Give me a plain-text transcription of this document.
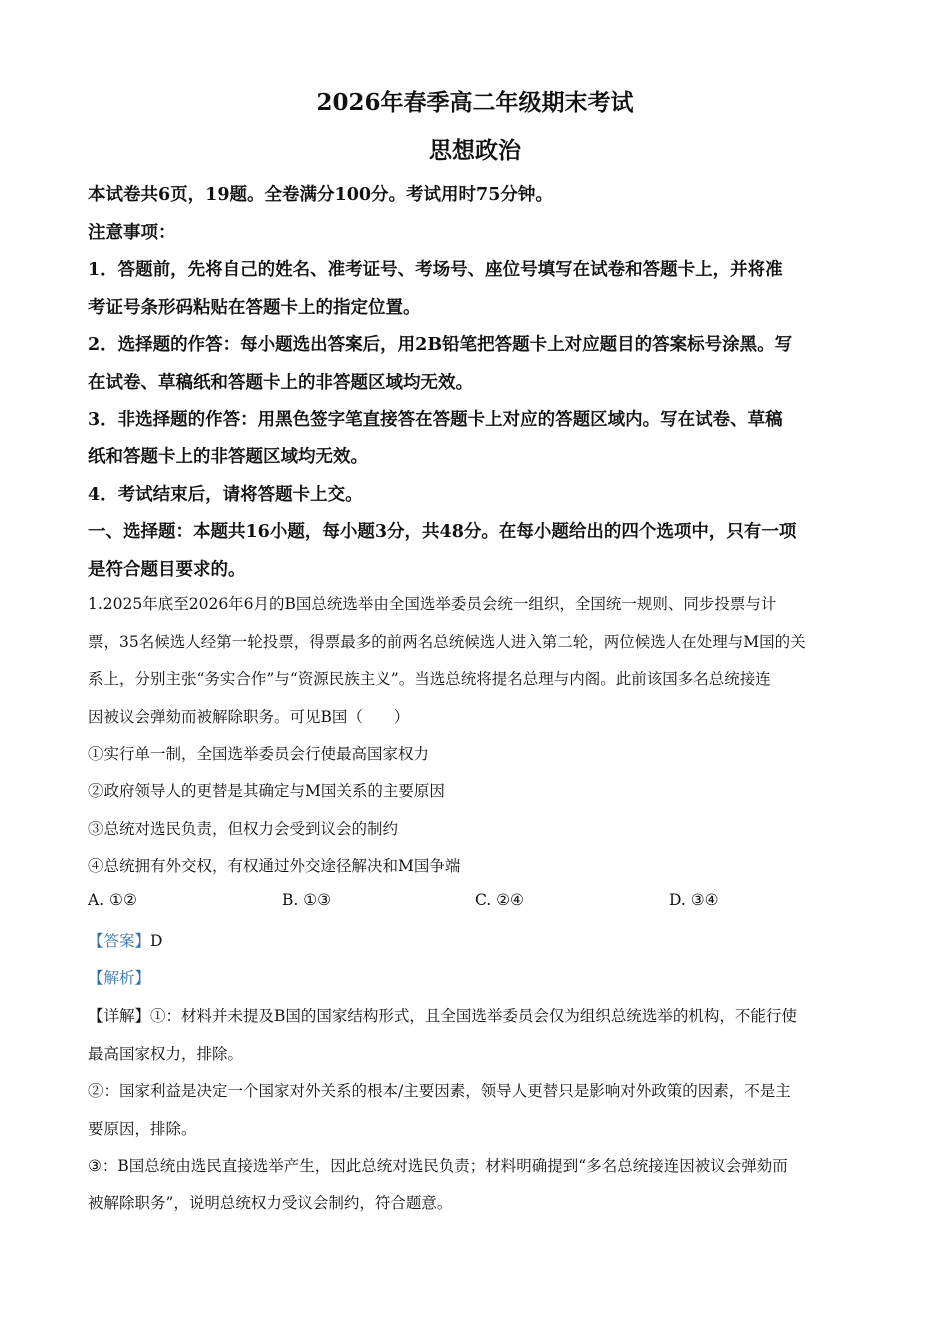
2026年春季高二年级期末考试
思想政治
本试卷共6页，19题。全卷满分100分。考试用时75分钟。
注意事项：
1．答题前，先将自己的姓名、准考证号、考场号、座位号填写在试卷和答题卡上，并将准
考证号条形码粘贴在答题卡上的指定位置。
2．选择题的作答：每小题选出答案后，用2B铅笔把答题卡上对应题目的答案标号涂黑。写
在试卷、草稿纸和答题卡上的非答题区域均无效。
3．非选择题的作答：用黑色签字笔直接答在答题卡上对应的答题区域内。写在试卷、草稿
纸和答题卡上的非答题区域均无效。
4．考试结束后，请将答题卡上交。
一、选择题：本题共16小题，每小题3分，共48分。在每小题给出的四个选项中，只有一项
是符合题目要求的。
1.2025年底至2026年6月的B国总统选举由全国选举委员会统一组织，全国统一规则、同步投票与计
票，35名候选人经第一轮投票，得票最多的前两名总统候选人进入第二轮，两位候选人在处理与M国的关
系上，分别主张“务实合作”与“资源民族主义”。当选总统将提名总理与内阁。此前该国多名总统接连
因被议会弹劾而被解除职务。可见B国（　　）
①实行单一制，全国选举委员会行使最高国家权力
②政府领导人的更替是其确定与M国关系的主要原因
③总统对选民负责，但权力会受到议会的制约
④总统拥有外交权，有权通过外交途径解决和M国争端
A. ①②	B. ①③	C. ②④	D. ③④
【答案】D
【解析】
【详解】①：材料并未提及B国的国家结构形式，且全国选举委员会仅为组织总统选举的机构，不能行使
最高国家权力，排除。
②：国家利益是决定一个国家对外关系的根本/主要因素，领导人更替只是影响对外政策的因素，不是主
要原因，排除。
③：B国总统由选民直接选举产生，因此总统对选民负责；材料明确提到“多名总统接连因被议会弹劾而
被解除职务”，说明总统权力受议会制约，符合题意。
